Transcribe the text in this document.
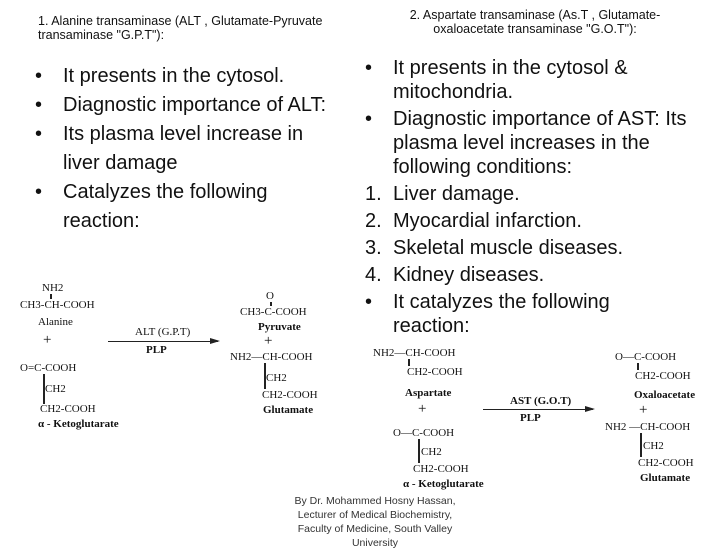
1. Alanine transaminase (ALT , Glutamate-Pyruvate transaminase "G.P.T"):
2. Aspartate transaminase (As.T , Glutamate-oxaloacetate transaminase "G.O.T"):
•	It presents in the cytosol.
•	Diagnostic importance of ALT:
•	Its plasma level increase in liver damage
•	Catalyzes the following reaction:
•	It presents in the cytosol & mitochondria.
•	Diagnostic importance of AST: Its plasma level increases in the following conditions:
1. Liver damage.
2. Myocardial infarction.
3. Skeletal muscle diseases.
4. Kidney diseases.
•	It catalyzes the following reaction:
NH2
CH3-CH-COOH
Alanine
+	ALT (G.P.T)
PLP
O=C-COOH
CH2
CH2-COOH
α - Ketoglutarate
O
CH3-C-COOH
Pyruvate
+
NH2—CH-COOH
CH2
CH2-COOH
Glutamate
NH2—CH-COOH
CH2-COOH
Aspartate
+	AST (G.O.T)
PLP
O—C-COOH
CH2
CH2-COOH
α - Ketoglutarate
O—C-COOH
CH2-COOH
Oxaloacetate
+
NH2 —CH-COOH
CH2
CH2-COOH
Glutamate
By Dr. Mohammed Hosny Hassan, Lecturer of Medical Biochemistry, Faculty of Medicine, South Valley University
